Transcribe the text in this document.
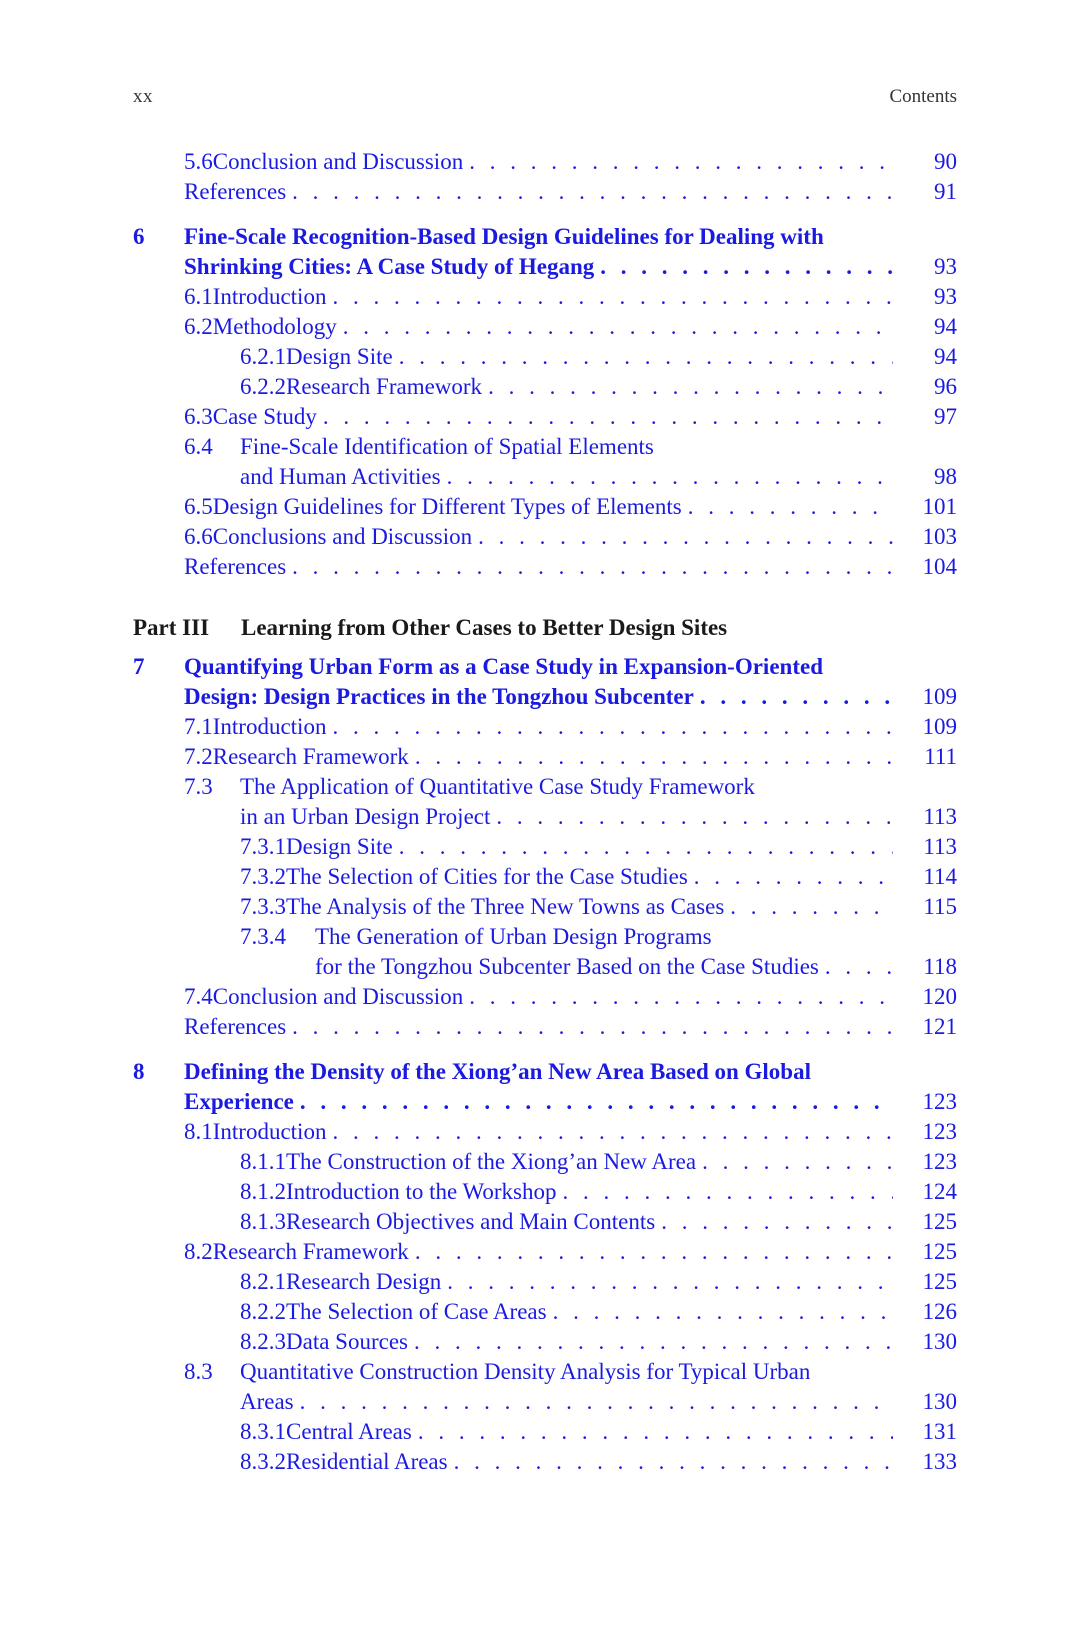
xx	Contents
5.6 Conclusion and Discussion . . .	90
References . . .	91
6 Fine-Scale Recognition-Based Design Guidelines for Dealing with
Shrinking Cities: A Case Study of Hegang . . .	93
6.1 Introduction . . .	93
6.2 Methodology . . .	94
6.2.1 Design Site . . .	94
6.2.2 Research Framework . . .	96
6.3 Case Study . . .	97
6.4	Fine-Scale Identification of Spatial Elements
and Human Activities . . .	98
6.5 Design Guidelines for Different Types of Elements . . .	101
6.6 Conclusions and Discussion . . .	103
References . . .	104
7 Quantifying Urban Form as a Case Study in Expansion-Oriented
Design: Design Practices in the Tongzhou Subcenter . . .	109
7.1 Introduction . . .	109
7.2 Research Framework . . .	111
7.3	The Application of Quantitative Case Study Framework
in an Urban Design Project . . .	113
7.3.1 Design Site . . .	113
7.3.2 The Selection of Cities for the Case Studies . . .	114
7.3.3 The Analysis of the Three New Towns as Cases . . .	115
7.3.4	The Generation of Urban Design Programs
for the Tongzhou Subcenter Based on the Case Studies . . .	118
7.4 Conclusion and Discussion . . .	120
References . . .	121
8 Defining the Density of the Xiong’an New Area Based on Global
Experience . . .	123
8.1 Introduction . . .	123
8.1.1 The Construction of the Xiong’an New Area . . .	123
8.1.2 Introduction to the Workshop . . .	124
8.1.3 Research Objectives and Main Contents . . .	125
8.2 Research Framework . . .	125
8.2.1 Research Design . . .	125
8.2.2 The Selection of Case Areas . . .	126
8.2.3 Data Sources . . .	130
8.3	Quantitative Construction Density Analysis for Typical Urban
Areas . . .	130
8.3.1 Central Areas . . .	131
8.3.2 Residential Areas . . .	133
Part III Learning from Other Cases to Better Design Sites
